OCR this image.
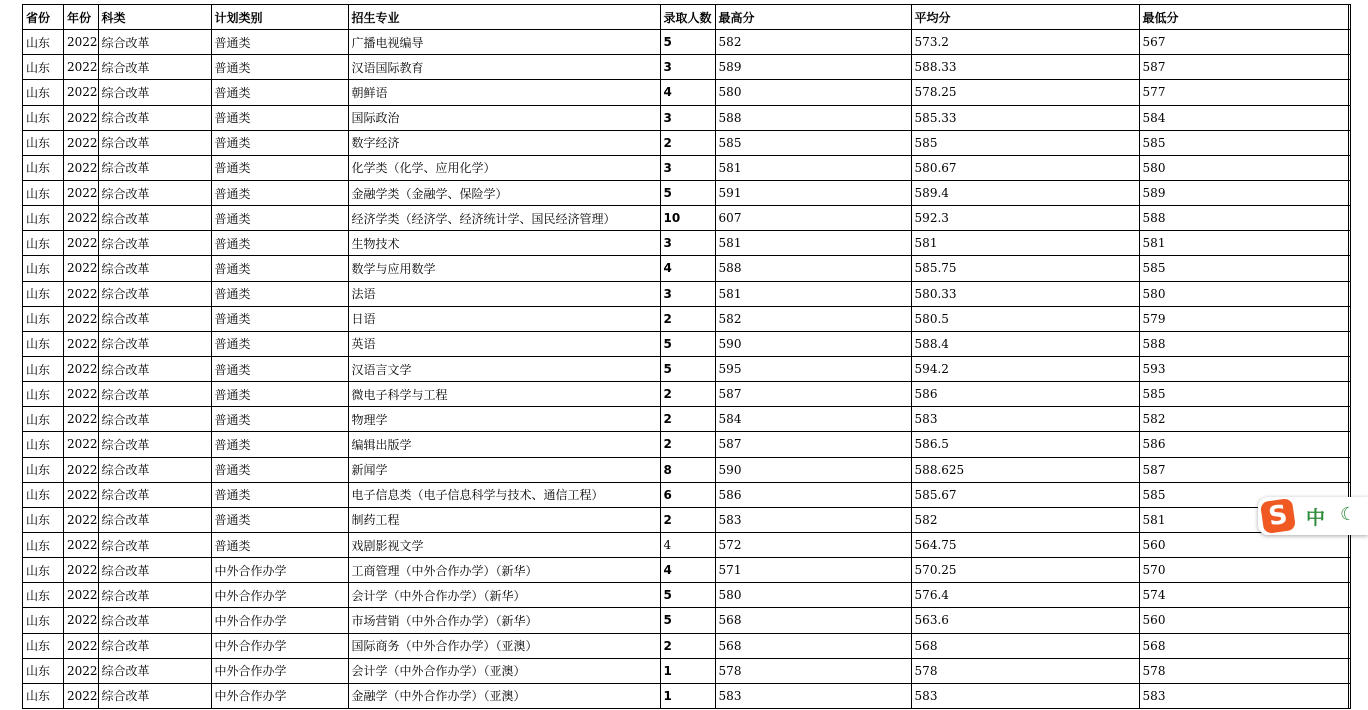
省份	年份	科类	计划类别	招生专业	录取人数	最高分	平均分	最低分
山东	2022	综合改革	普通类	广播电视编导	5	582	573.2	567
山东	2022	综合改革	普通类	汉语国际教育	3	589	588.33	587
山东	2022	综合改革	普通类	朝鲜语	4	580	578.25	577
山东	2022	综合改革	普通类	国际政治	3	588	585.33	584
山东	2022	综合改革	普通类	数字经济	2	585	585	585
山东	2022	综合改革	普通类	化学类（化学、应用化学）	3	581	580.67	580
山东	2022	综合改革	普通类	金融学类（金融学、保险学）	5	591	589.4	589
山东	2022	综合改革	普通类	经济学类（经济学、经济统计学、国民经济管理）	10	607	592.3	588
山东	2022	综合改革	普通类	生物技术	3	581	581	581
山东	2022	综合改革	普通类	数学与应用数学	4	588	585.75	585
山东	2022	综合改革	普通类	法语	3	581	580.33	580
山东	2022	综合改革	普通类	日语	2	582	580.5	579
山东	2022	综合改革	普通类	英语	5	590	588.4	588
山东	2022	综合改革	普通类	汉语言文学	5	595	594.2	593
山东	2022	综合改革	普通类	微电子科学与工程	2	587	586	585
山东	2022	综合改革	普通类	物理学	2	584	583	582
山东	2022	综合改革	普通类	编辑出版学	2	587	586.5	586
山东	2022	综合改革	普通类	新闻学	8	590	588.625	587
山东	2022	综合改革	普通类	电子信息类（电子信息科学与技术、通信工程）	6	586	585.67	585
山东	2022	综合改革	普通类	制药工程	2	583	582	581
山东	2022	综合改革	普通类	戏剧影视文学	4	572	564.75	560
山东	2022	综合改革	中外合作办学	工商管理（中外合作办学）（新华）	4	571	570.25	570
山东	2022	综合改革	中外合作办学	会计学（中外合作办学）（新华）	5	580	576.4	574
山东	2022	综合改革	中外合作办学	市场营销（中外合作办学）（新华）	5	568	563.6	560
山东	2022	综合改革	中外合作办学	国际商务（中外合作办学）（亚澳）	2	568	568	568
山东	2022	综合改革	中外合作办学	会计学（中外合作办学）（亚澳）	1	578	578	578
山东	2022	综合改革	中外合作办学	金融学（中外合作办学）（亚澳）	1	583	583	583
S 中 ☾
